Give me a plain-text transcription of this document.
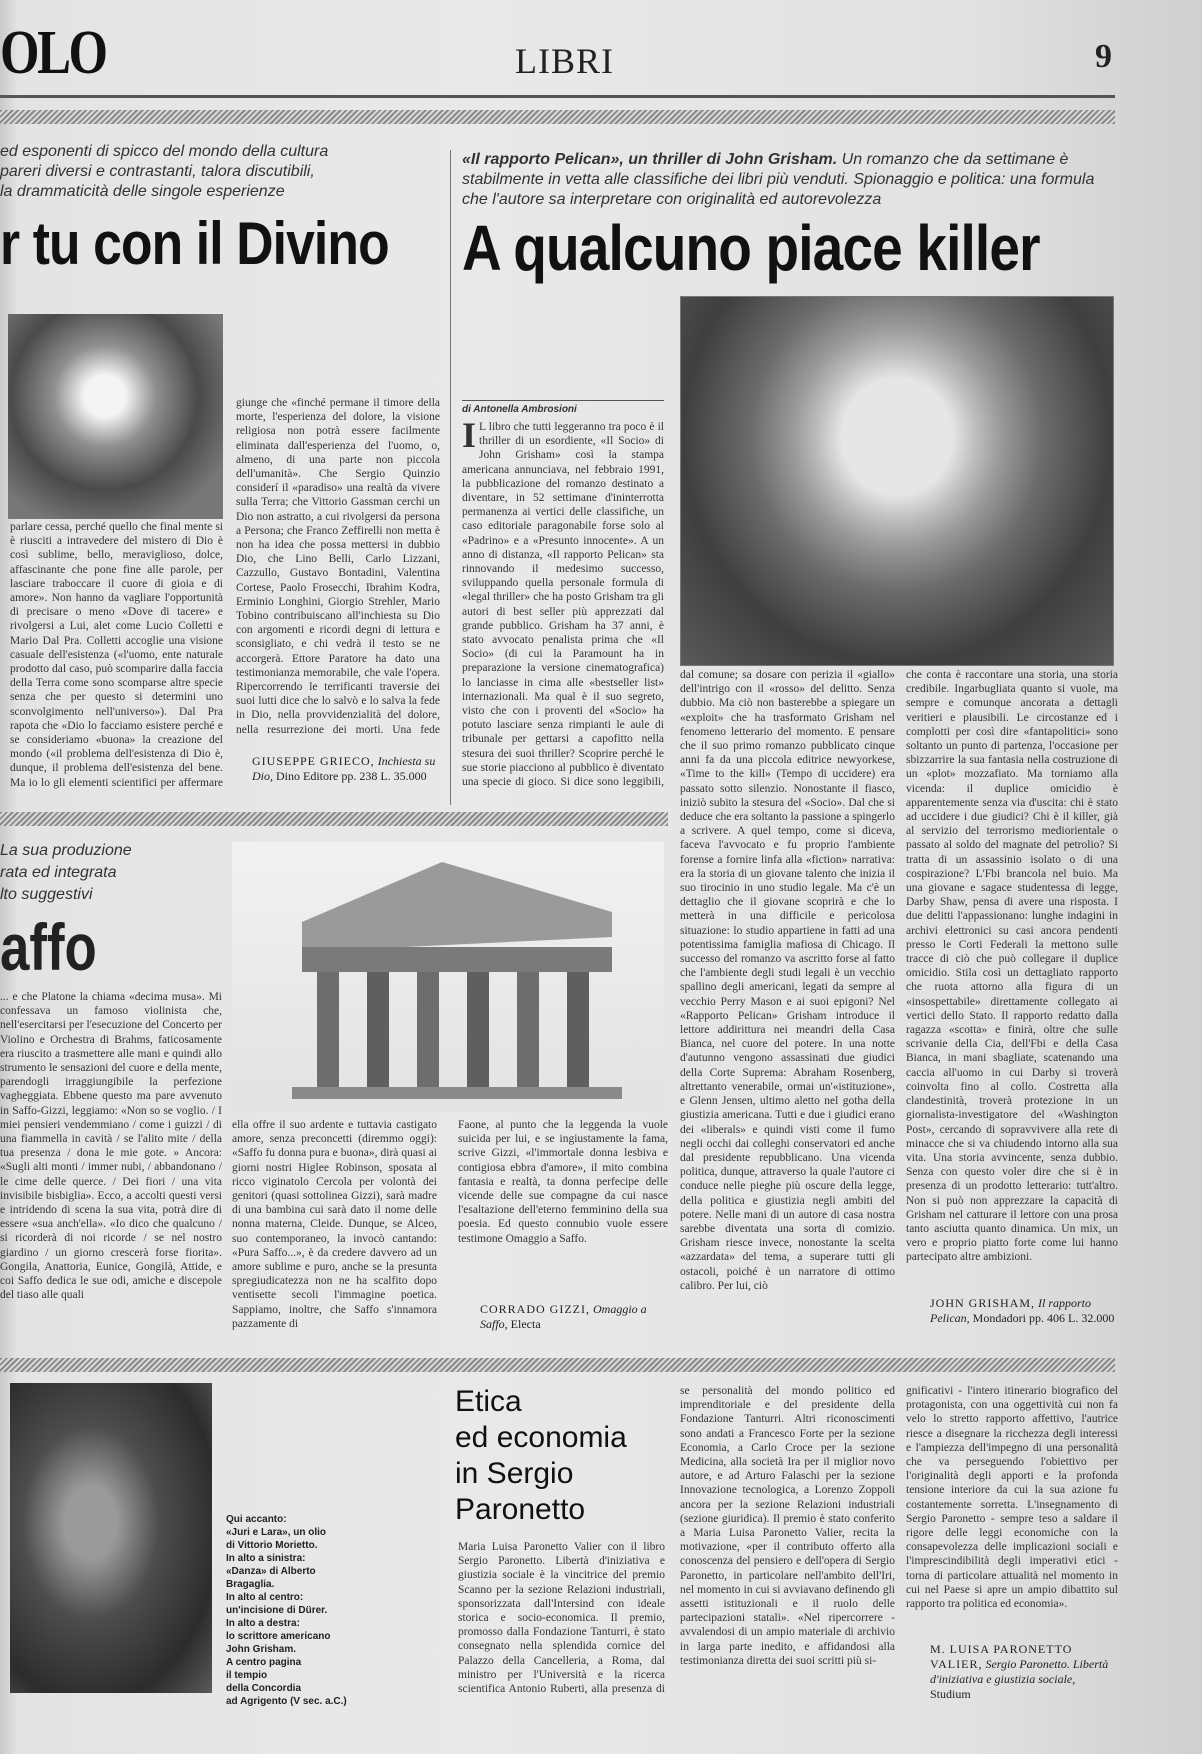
OLO	LIBRI	9
ed esponenti di spicco del mondo della cultura
pareri diversi e contrastanti, talora discutibili,
la drammaticità delle singole esperienze
r tu con il Divino
parlare cessa, perché quello che final mente si è riusciti a intravedere del mistero di Dio è così sublime, bello, meraviglioso, dolce, affascinante che pone fine alle parole, per lasciare traboccare il cuore di gioia e di amore». Non hanno da vagliare l'opportunità di precisare o meno «Dove di tacere» e rivolgersi a Lui, alet come Lucio Colletti e Mario Dal Pra. Colletti accoglie una visione casuale dell'esistenza («l'uomo, ente naturale prodotto dal caso, può scomparire dalla faccia della Terra come sono scomparse altre specie senza che per questo si determini uno sconvolgimento nell'universo»). Dal Pra rapota che «Dio lo facciamo esistere perché e se consideriamo «buona» la creazione del mondo («il problema dell'esistenza di Dio è, dunque, il problema dell'esistenza del bene. Ma io lo gli elementi scientifici per affermare
giunge che «finché permane il timore della morte, l'esperienza del dolore, la visione religiosa non potrà essere facilmente eliminata dall'esperienza del l'uomo, o, almeno, di una parte non piccola dell'umanità». Che Sergio Quinzio considerí il «paradiso» una realtà da vivere sulla Terra; che Vittorio Gassman cerchi un Dio non astratto, a cui rivolgersi da persona a Persona; che Franco Zeffirelli non metta è non ha idea che possa mettersi in dubbio Dio, che Lino Belli, Carlo Lizzani, Cazzullo, Gustavo Bontadini, Valentina Cortese, Paolo Frosecchi, Ibrahim Kodra, Erminio Longhini, Giorgio Strehler, Mario Tobino contribuiscano all'inchiesta su Dio con argomenti e ricordi degni di lettura e sconsigliato, e chi vedrà il testo se ne accorgerà. Ettore Paratore ha dato una testimonianza memorabile, che vale l'opera. Ripercorrendo le terrificanti traversie dei suoi lutti dice che lo salvò e lo salva la fede in Dio, nella provvidenzialità del dolore, nella resurrezione dei morti. Una fede
GIUSEPPE GRIECO, Inchiesta su Dio, Dino Editore pp. 238 L. 35.000
«Il rapporto Pelican», un thriller di John Grisham. Un romanzo che da settimane è stabilmente in vetta alle classifiche dei libri più venduti. Spionaggio e politica: una formula che l'autore sa interpretare con originalità ed autorevolezza
A qualcuno piace killer
di Antonella Ambrosioni
I L libro che tutti leggeranno tra poco è il thriller di un esordiente, «Il Socio» di John Grisham» così la stampa americana annunciava, nel febbraio 1991, la pubblicazione del romanzo destinato a diventare, in 52 settimane d'ininterrotta permanenza ai vertici delle classifiche, un caso editoriale paragonabile forse solo al «Padrino» e a «Presunto innocente». A un anno di distanza, «Il rapporto Pelican» sta rinnovando il medesimo successo, sviluppando quella personale formula di «legal thriller» che ha posto Grisham tra gli autori di best seller più apprezzati dal grande pubblico. Grisham ha 37 anni, è stato avvocato penalista prima che «Il Socio» (di cui la Paramount ha in preparazione la versione cinematografica) lo lanciasse in cima alle «bestseller list» internazionali. Ma qual è il suo segreto, visto che con i proventi del «Socio» ha potuto lasciare senza rimpianti le aule di tribunale per gettarsi a capofitto nella stesura dei suoi thriller? Scoprire perché le sue storie piacciono al pubblico è diventato una specie di gioco. Si dice sono leggibili,
dal comune; sa dosare con perizia il «giallo» dell'intrigo con il «rosso» del delitto. Senza dubbio. Ma ciò non basterebbe a spiegare un «exploit» che ha trasformato Grisham nel fenomeno letterario del momento. E pensare che il suo primo romanzo pubblicato cinque anni fa da una piccola editrice newyorkese, «Time to the kill» (Tempo di uccidere) era passato sotto silenzio. Nonostante il fiasco, iniziò subito la stesura del «Socio». Dal che si deduce che era soltanto la passione a spingerlo a scrivere. A quel tempo, come si diceva, faceva l'avvocato e fu proprio l'ambiente forense a fornire linfa alla «fiction» narrativa: era la storia di un giovane talento che inizia il suo tirocinio in uno studio legale. Ma c'è un dettaglio che il giovane scoprirà e che lo metterà in una difficile e pericolosa situazione: lo studio appartiene in fatti ad una potentissima famiglia mafiosa di Chicago. Il successo del romanzo va ascritto forse al fatto che l'ambiente degli studi legali è un vecchio spallino degli americani, legati da sempre al vecchio Perry Mason e ai suoi epigoni? Nel «Rapporto Pelican» Grisham introduce il lettore addirittura nei meandri della Casa Bianca, nel cuore del potere. In una notte d'autunno vengono assassinati due giudici della Corte Suprema: Abraham Rosenberg, altrettanto venerabile, ormai un'«istituzione», e Glenn Jensen, ultimo aletto nel gotha della giustizia americana. Tutti e due i giudici erano dei «liberals» e quindi visti come il fumo negli occhi dai colleghi conservatori ed anche dal presidente repubblicano. Una vicenda politica, dunque, attraverso la quale l'autore ci conduce nelle pieghe più oscure della legge, della politica e giustizia negli ambiti del potere. Nelle mani di un autore di casa nostra sarebbe diventata una sorta di comizio. Grisham riesce invece, nonostante la scelta «azzardata» del tema, a superare tutti gli ostacoli, poiché è un narratore di ottimo calibro. Per lui, ciò
che conta è raccontare una storia, una storia credibile. Ingarbugliata quanto si vuole, ma sempre e comunque ancorata a dettagli veritieri e plausibili. Le circostanze ed i complotti per così dire «fantapolitici» sono soltanto un punto di partenza, l'occasione per sbizzarrire la sua fantasia nella costruzione di un «plot» mozzafiato. Ma torniamo alla vicenda: il duplice omicidio è apparentemente senza via d'uscita: chi è stato ad uccidere i due giudici? Chi è il killer, già al servizio del terrorismo mediorientale o passato al soldo del magnate del petrolio? Si tratta di un assassinio isolato o di una cospirazione? L'Fbi brancola nel buio. Ma una giovane e sagace studentessa di legge, Darby Shaw, pensa di avere una risposta. I due delitti l'appassionano: lunghe indagini in archivi elettronici su casi ancora pendenti presso le Corti Federali la mettono sulle tracce di ciò che può collegare il duplice omicidio. Stila così un dettagliato rapporto che ruota attorno alla figura di un «insospettabile» direttamente collegato ai vertici dello Stato. Il rapporto redatto dalla ragazza «scotta» e finirà, oltre che sulle scrivanie della Cia, dell'Fbi e della Casa Bianca, in mani sbagliate, scatenando una caccia all'uomo in cui Darby si troverà coinvolta fino al collo. Costretta alla clandestinità, troverà protezione in un giornalista-investigatore del «Washington Post», cercando di sopravvivere alla rete di minacce che si va chiudendo intorno alla sua vita. Una storia avvincente, senza dubbio. Senza con questo voler dire che si è in presenza di un prodotto letterario: tutt'altro. Non si può non apprezzare la capacità di Grisham nel catturare il lettore con una prosa tanto asciutta quanto dinamica. Un mix, un vero e proprio piatto forte come lui hanno partecipato altre ambizioni.
JOHN GRISHAM, Il rapporto Pelican, Mondadori pp. 406 L. 32.000
La sua produzione
rata ed integrata
lto suggestivi
affo
... e che Platone la chiama «decima musa». Mi confessava un famoso violinista che, nell'esercitarsi per l'esecuzione del Concerto per Violino e Orchestra di Brahms, faticosamente era riuscito a trasmettere alle mani e quindi allo strumento le sensazioni del cuore e della mente, parendogli irraggiungibile la perfezione vagheggiata. Ebbene questo ma pare avvenuto in Saffo-Gizzi, leggiamo: «Non so se voglio. / I miei pensieri vendemmiano / come i guizzi / di una fiammella in cavità / se l'alito mite / della tua presenza / dona le mie gote. » Ancora: «Sugli alti monti / immer nubi, / abbandonano / le cime delle querce. / Dei fiori / una vita invisibile bisbiglia». Ecco, a accolti questi versi e intridendo di scena la sua vita, potrà dire di essere «sua anch'ella». «Io dico che qualcuno / si ricorderà di noi ricorde / se nel nostro giardino / un giorno crescerà forse fiorita». Gongila, Anattoria, Eunice, Gongilà, Attide, e coi Saffo dedica le sue odi, amiche e discepole del tiaso alle quali
ella offre il suo ardente e tuttavia castigato amore, senza preconcetti (diremmo oggi): «Saffo fu donna pura e buona», dirà quasi ai giorni nostri Higlee Robinson, sposata al ricco viginatolo Cercola per volontà dei genitori (quasi sottolinea Gizzi), sarà madre di una bambina cui sarà dato il nome delle nonna materna, Cleide. Dunque, se Alceo, suo contemporaneo, la invocò cantando: «Pura Saffo...», è da credere davvero ad un amore sublime e puro, anche se la presunta spregiudicatezza non ne ha scalfito dopo ventisette secoli l'immagine poetica. Sappiamo, inoltre, che Saffo s'innamora pazzamente di
Faone, al punto che la leggenda la vuole suicida per lui, e se ingiustamente la fama, scrive Gizzi, «l'immortale donna lesbiva e contigiosa ebbra d'amore», il mito combina fantasia e realtà, ta donna perfecipe delle vicende delle sue compagne da cui nasce l'esaltazione dell'eterno femminino della sua poesia. Ed questo connubio vuole essere testimone Omaggio a Saffo.
CORRADO GIZZI, Omaggio a Saffo, Electa
Qui accanto:
«Juri e Lara», un olio
di Vittorio Morietto.
In alto a sinistra:
«Danza» di Alberto
Bragaglia.
In alto al centro:
un'incisione di Dürer.
In alto a destra:
lo scrittore americano
John Grisham.
A centro pagina
il tempio
della Concordia
ad Agrigento (V sec. a.C.)
Etica
ed economia
in Sergio
Paronetto
Maria Luisa Paronetto Valier con il libro Sergio Paronetto. Libertà d'iniziativa e giustizia sociale è la vincitrice del premio Scanno per la sezione Relazioni industriali, sponsorizzata dall'Intersind con ideale storica e socio-economica. Il premio, promosso dalla Fondazione Tanturri, è stato consegnato nella splendida cornice del Palazzo della Cancelleria, a Roma, dal ministro per l'Università e la ricerca scientifica Antonio Ruberti, alla presenza di
se personalità del mondo politico ed imprenditoriale e del presidente della Fondazione Tanturri. Altri riconoscimenti sono andati a Francesco Forte per la sezione Economia, a Carlo Croce per la sezione Medicina, alla società Ira per il miglior novo autore, e ad Arturo Falaschi per la sezione Innovazione tecnologica, a Lorenzo Zoppoli ancora per la sezione Relazioni industriali (sezione giuridica). Il premio è stato conferito a Maria Luisa Paronetto Valier, recita la motivazione, «per il contributo offerto alla conoscenza del pensiero e dell'opera di Sergio Paronetto, in particolare nell'ambito dell'Iri, nel momento in cui si avviavano definendo gli assetti istituzionali e il ruolo delle partecipazioni statali». «Nel ripercorrere - avvalendosi di un ampio materiale di archivio in larga parte inedito, e affidandosi alla testimonianza diretta dei suoi scritti più si-
gnificativi - l'intero itinerario biografico del protagonista, con una oggettività cui non fa velo lo stretto rapporto affettivo, l'autrice riesce a disegnare la ricchezza degli interessi e l'ampiezza dell'impegno di una personalità che va perseguendo l'obiettivo per l'originalità degli apporti e la profonda tensione interiore da cui la sua azione fu costantemente sorretta. L'insegnamento di Sergio Paronetto - sempre teso a saldare il rigore delle leggi economiche con la consapevolezza delle implicazioni sociali e l'imprescindibilità degli imperativi etici - torna di particolare attualità nel momento in cui nel Paese si apre un ampio dibattito sul rapporto tra politica ed economia».
M. LUISA PARONETTO VALIER, Sergio Paronetto. Libertà d'iniziativa e giustizia sociale, Studium
